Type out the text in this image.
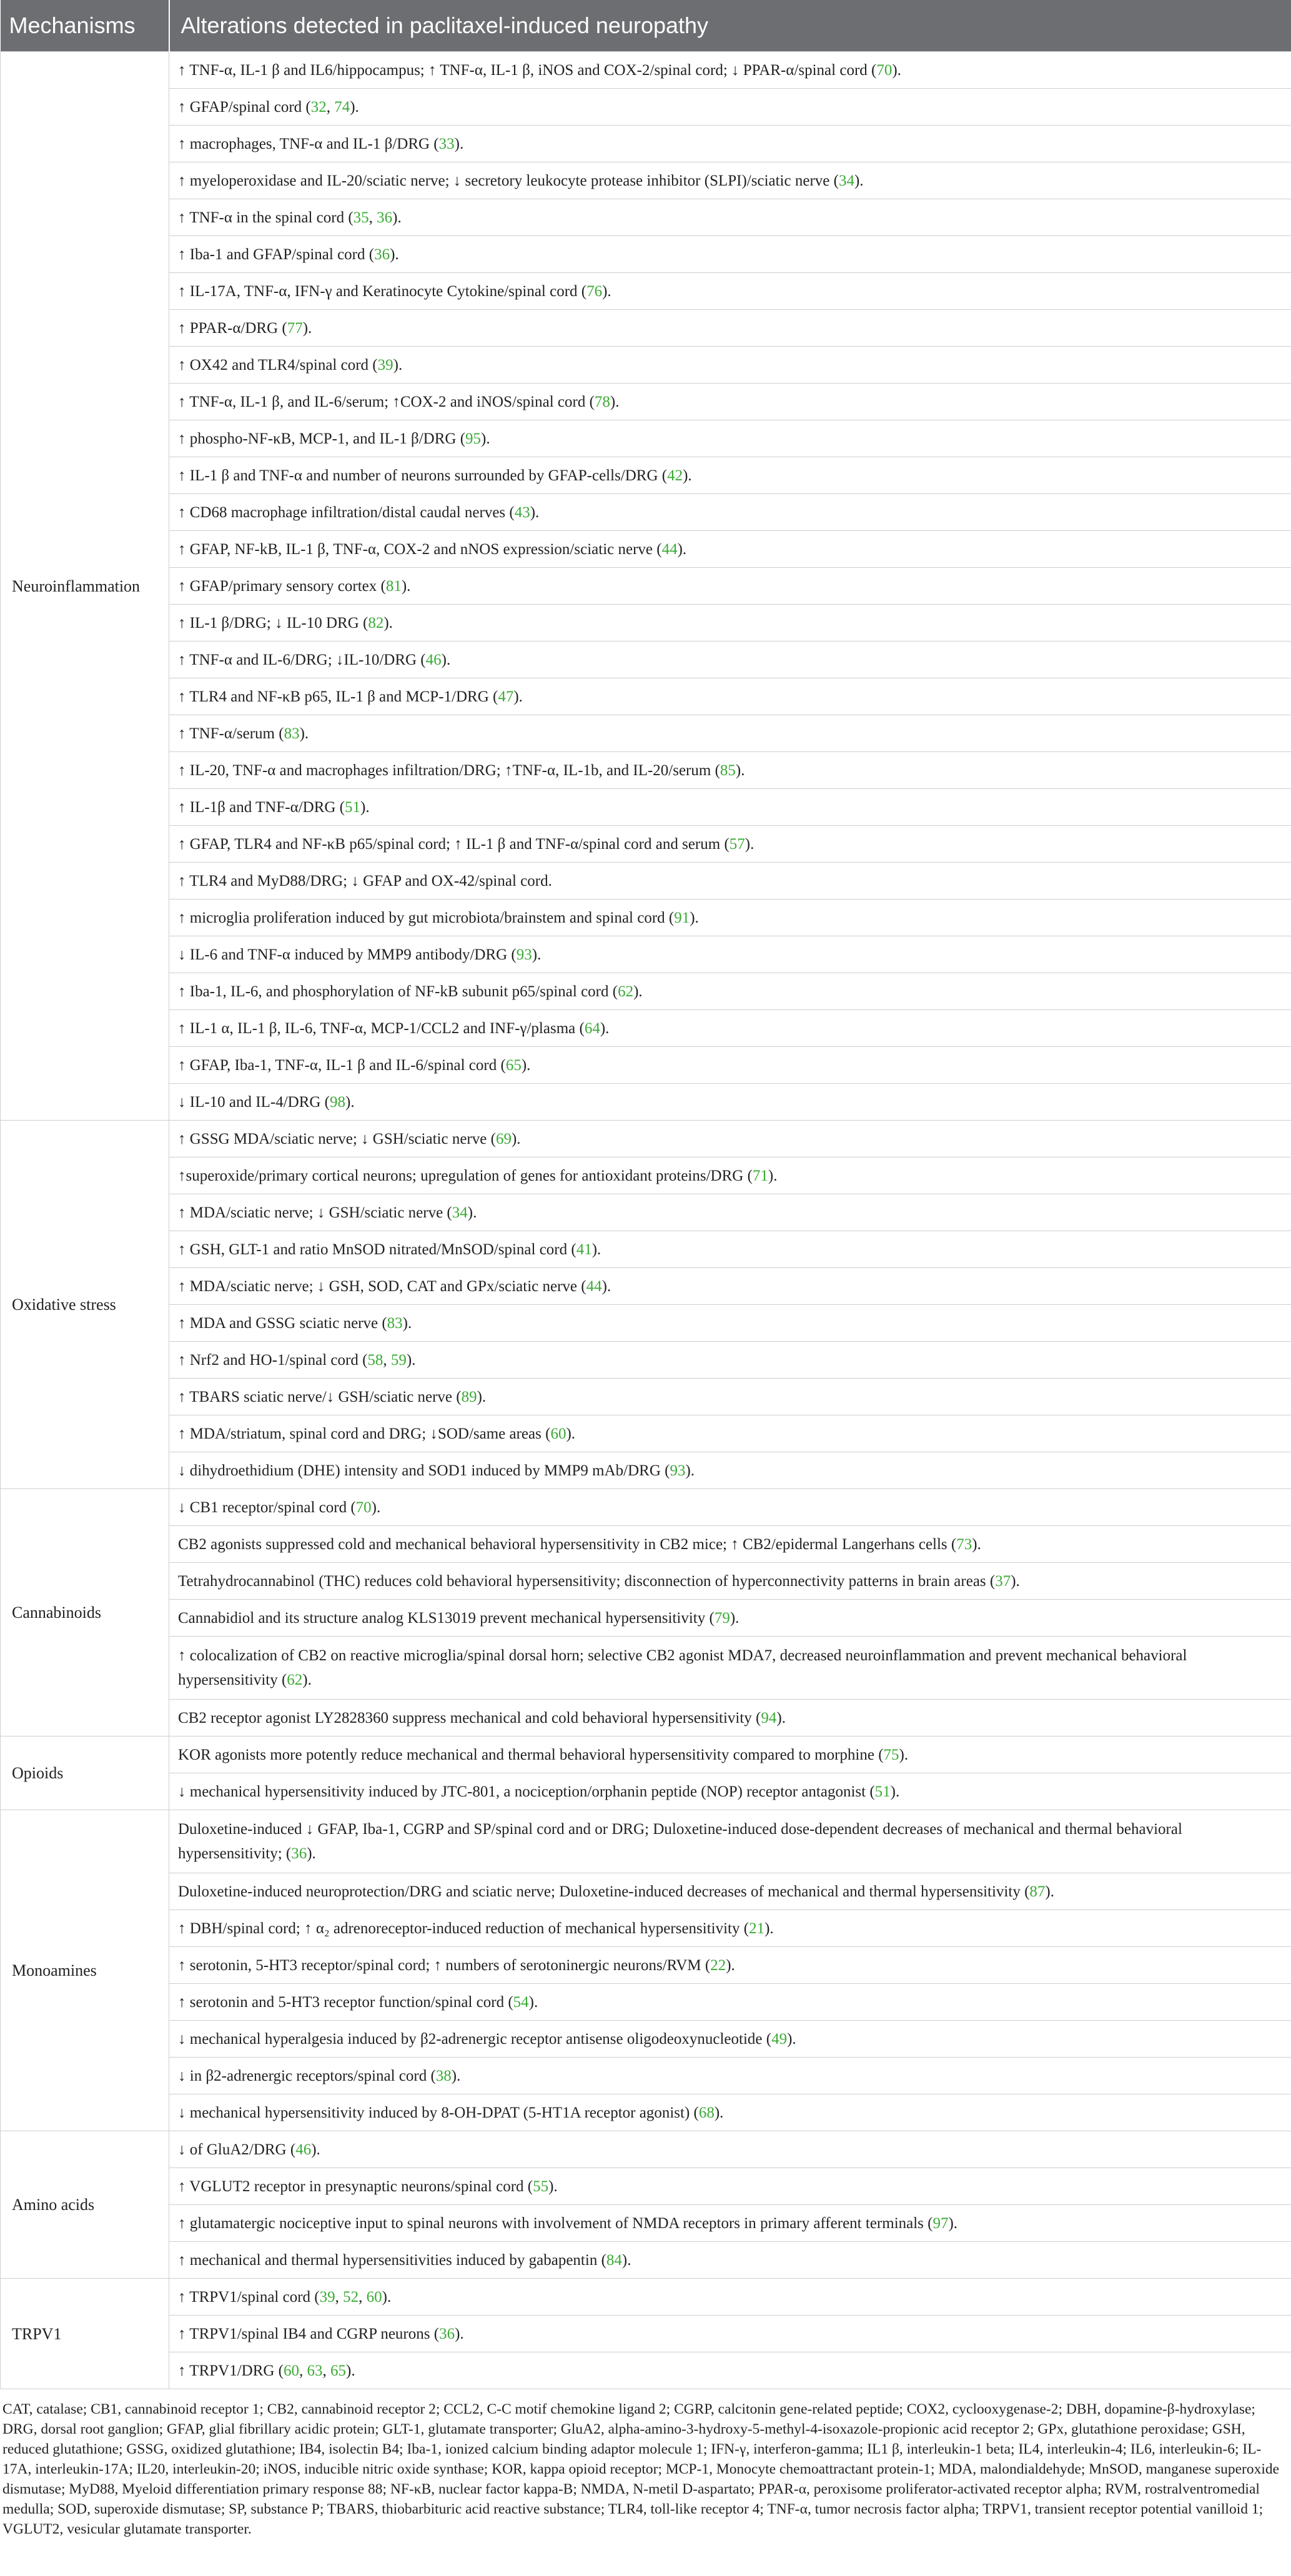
Mechanisms	Alterations detected in paclitaxel-induced neuropathy
Neuroinflammation	↑ TNF-α, IL-1 β and IL6/hippocampus; ↑ TNF-α, IL-1 β, iNOS and COX-2/spinal cord; ↓ PPAR-α/spinal cord (70).
	↑ GFAP/spinal cord (32, 74).
	↑ macrophages, TNF-α and IL-1 β/DRG (33).
	↑ myeloperoxidase and IL-20/sciatic nerve; ↓ secretory leukocyte protease inhibitor (SLPI)/sciatic nerve (34).
	↑ TNF-α in the spinal cord (35, 36).
	↑ Iba-1 and GFAP/spinal cord (36).
	↑ IL-17A, TNF-α, IFN-γ and Keratinocyte Cytokine/spinal cord (76).
	↑ PPAR-α/DRG (77).
	↑ OX42 and TLR4/spinal cord (39).
	↑ TNF-α, IL-1 β, and IL-6/serum; ↑COX-2 and iNOS/spinal cord (78).
	↑ phospho-NF-κB, MCP-1, and IL-1 β/DRG (95).
	↑ IL-1 β and TNF-α and number of neurons surrounded by GFAP-cells/DRG (42).
	↑ CD68 macrophage infiltration/distal caudal nerves (43).
	↑ GFAP, NF-kB, IL-1 β, TNF-α, COX-2 and nNOS expression/sciatic nerve (44).
	↑ GFAP/primary sensory cortex (81).
	↑ IL-1 β/DRG; ↓ IL-10 DRG (82).
	↑ TNF-α and IL-6/DRG; ↓IL-10/DRG (46).
	↑ TLR4 and NF-κB p65, IL-1 β and MCP-1/DRG (47).
	↑ TNF-α/serum (83).
	↑ IL-20, TNF-α and macrophages infiltration/DRG; ↑TNF-α, IL-1b, and IL-20/serum (85).
	↑ IL-1β and TNF-α/DRG (51).
	↑ GFAP, TLR4 and NF-κB p65/spinal cord; ↑ IL-1 β and TNF-α/spinal cord and serum (57).
	↑ TLR4 and MyD88/DRG; ↓ GFAP and OX-42/spinal cord.
	↑ microglia proliferation induced by gut microbiota/brainstem and spinal cord (91).
	↓ IL-6 and TNF-α induced by MMP9 antibody/DRG (93).
	↑ Iba-1, IL-6, and phosphorylation of NF-kB subunit p65/spinal cord (62).
	↑ IL-1 α, IL-1 β, IL-6, TNF-α, MCP-1/CCL2 and INF-γ/plasma (64).
	↑ GFAP, Iba-1, TNF-α, IL-1 β and IL-6/spinal cord (65).
	↓ IL-10 and IL-4/DRG (98).
Oxidative stress	↑ GSSG MDA/sciatic nerve; ↓ GSH/sciatic nerve (69).
	↑superoxide/primary cortical neurons; upregulation of genes for antioxidant proteins/DRG (71).
	↑ MDA/sciatic nerve; ↓ GSH/sciatic nerve (34).
	↑ GSH, GLT-1 and ratio MnSOD nitrated/MnSOD/spinal cord (41).
	↑ MDA/sciatic nerve; ↓ GSH, SOD, CAT and GPx/sciatic nerve (44).
	↑ MDA and GSSG sciatic nerve (83).
	↑ Nrf2 and HO-1/spinal cord (58, 59).
	↑ TBARS sciatic nerve/↓ GSH/sciatic nerve (89).
	↑ MDA/striatum, spinal cord and DRG; ↓SOD/same areas (60).
	↓ dihydroethidium (DHE) intensity and SOD1 induced by MMP9 mAb/DRG (93).
Cannabinoids	↓ CB1 receptor/spinal cord (70).
	CB2 agonists suppressed cold and mechanical behavioral hypersensitivity in CB2 mice; ↑ CB2/epidermal Langerhans cells (73).
	Tetrahydrocannabinol (THC) reduces cold behavioral hypersensitivity; disconnection of hyperconnectivity patterns in brain areas (37).
	Cannabidiol and its structure analog KLS13019 prevent mechanical hypersensitivity (79).
	↑ colocalization of CB2 on reactive microglia/spinal dorsal horn; selective CB2 agonist MDA7, decreased neuroinflammation and prevent mechanical behavioral hypersensitivity (62).
	CB2 receptor agonist LY2828360 suppress mechanical and cold behavioral hypersensitivity (94).
Opioids	KOR agonists more potently reduce mechanical and thermal behavioral hypersensitivity compared to morphine (75).
	↓ mechanical hypersensitivity induced by JTC-801, a nociception/orphanin peptide (NOP) receptor antagonist (51).
Monoamines	Duloxetine-induced ↓ GFAP, Iba-1, CGRP and SP/spinal cord and or DRG; Duloxetine-induced dose-dependent decreases of mechanical and thermal behavioral hypersensitivity; (36).
	Duloxetine-induced neuroprotection/DRG and sciatic nerve; Duloxetine-induced decreases of mechanical and thermal hypersensitivity (87).
	↑ DBH/spinal cord; ↑ α₂ adrenoreceptor-induced reduction of mechanical hypersensitivity (21).
	↑ serotonin, 5-HT3 receptor/spinal cord; ↑ numbers of serotoninergic neurons/RVM (22).
	↑ serotonin and 5-HT3 receptor function/spinal cord (54).
	↓ mechanical hyperalgesia induced by β2-adrenergic receptor antisense oligodeoxynucleotide (49).
	↓ in β2-adrenergic receptors/spinal cord (38).
	↓ mechanical hypersensitivity induced by 8-OH-DPAT (5-HT1A receptor agonist) (68).
Amino acids	↓ of GluA2/DRG (46).
	↑ VGLUT2 receptor in presynaptic neurons/spinal cord (55).
	↑ glutamatergic nociceptive input to spinal neurons with involvement of NMDA receptors in primary afferent terminals (97).
	↑ mechanical and thermal hypersensitivities induced by gabapentin (84).
TRPV1	↑ TRPV1/spinal cord (39, 52, 60).
	↑ TRPV1/spinal IB4 and CGRP neurons (36).
	↑ TRPV1/DRG (60, 63, 65).
CAT, catalase; CB1, cannabinoid receptor 1; CB2, cannabinoid receptor 2; CCL2, C-C motif chemokine ligand 2; CGRP, calcitonin gene-related peptide; COX2, cyclooxygenase-2; DBH, dopamine-β-hydroxylase; DRG, dorsal root ganglion; GFAP, glial fibrillary acidic protein; GLT-1, glutamate transporter; GluA2, alpha-amino-3-hydroxy-5-methyl-4-isoxazole-propionic acid receptor 2; GPx, glutathione peroxidase; GSH, reduced glutathione; GSSG, oxidized glutathione; IB4, isolectin B4; Iba-1, ionized calcium binding adaptor molecule 1; IFN-γ, interferon-gamma; IL1 β, interleukin-1 beta; IL4, interleukin-4; IL6, interleukin-6; IL-17A, interleukin-17A; IL20, interleukin-20; iNOS, inducible nitric oxide synthase; KOR, kappa opioid receptor; MCP-1, Monocyte chemoattractant protein-1; MDA, malondialdehyde; MnSOD, manganese superoxide dismutase; MyD88, Myeloid differentiation primary response 88; NF-κB, nuclear factor kappa-B; NMDA, N-metil D-aspartato; PPAR-α, peroxisome proliferator-activated receptor alpha; RVM, rostralventromedial medulla; SOD, superoxide dismutase; SP, substance P; TBARS, thiobarbituric acid reactive substance; TLR4, toll-like receptor 4; TNF-α, tumor necrosis factor alpha; TRPV1, transient receptor potential vanilloid 1; VGLUT2, vesicular glutamate transporter.
